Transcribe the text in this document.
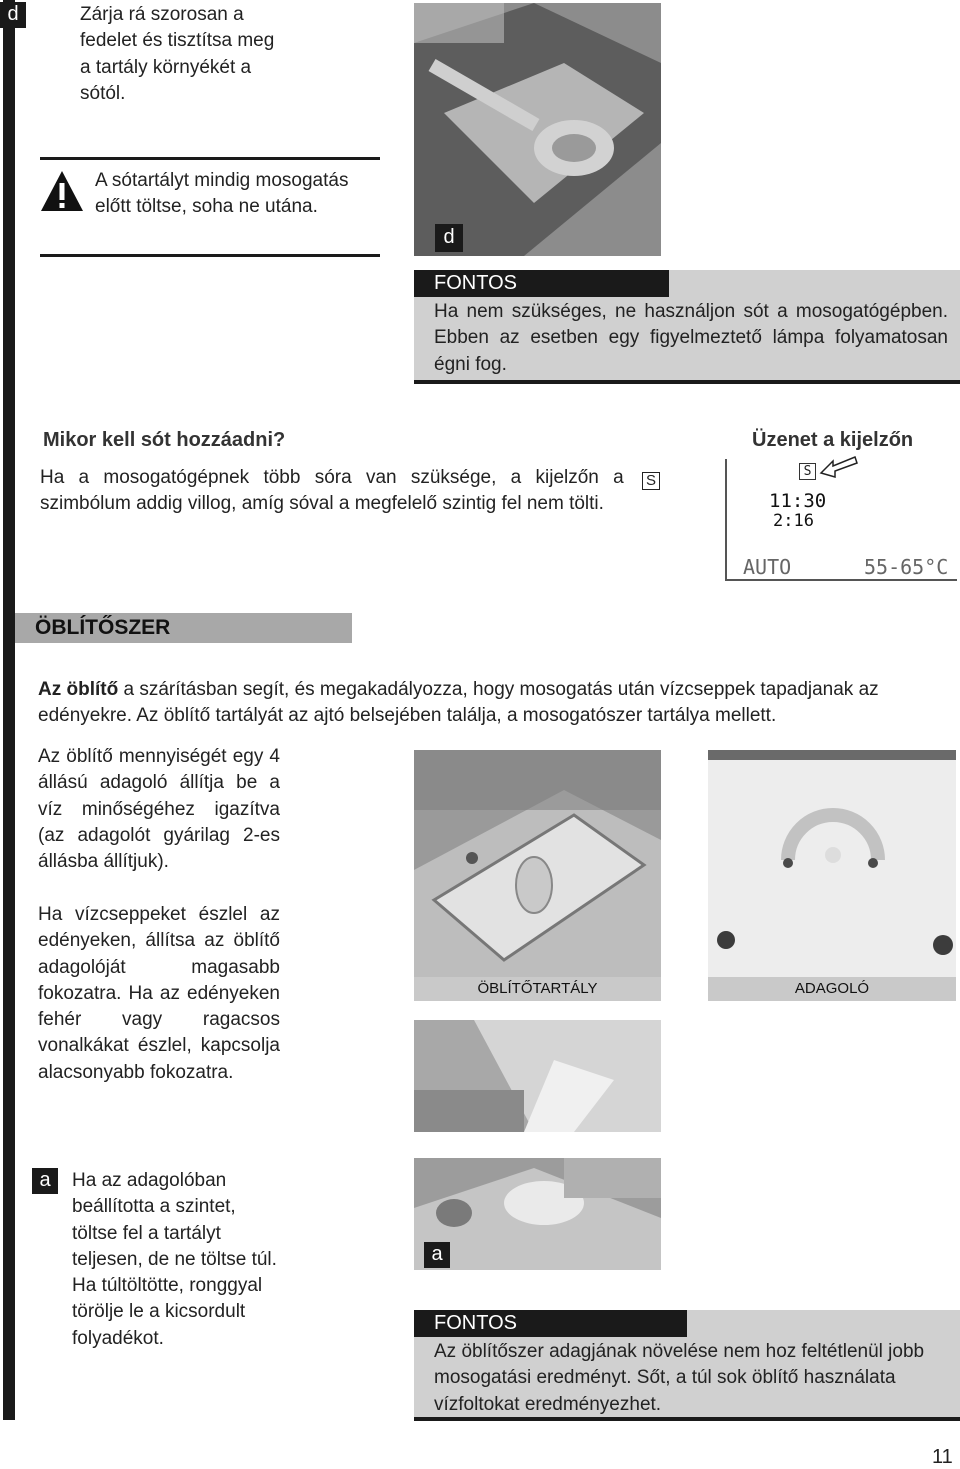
d	Zárja rá szorosan a fedelet és tisztítsa meg a tartály környékét a sótól.
A sótartályt mindig mosogatás előtt töltse, soha ne utána.
d
FONTOS
Ha nem szükséges, ne használjon sót a mosogatógépben. Ebben az esetben egy figyelmeztető lámpa folyamatosan égni fog.
Mikor kell sót hozzáadni?
Ha a mosogatógépnek több sóra van szüksége, a kijelzőn a S szimbólum addig villog, amíg sóval a megfelelő szintig fel nem tölti.
Üzenet a kijelzőn
S
11:30
2:16
AUTO	55-65°C
ÖBLÍTŐSZER
Az öblítő a szárításban segít, és megakadályozza, hogy mosogatás után vízcseppek tapadjanak az edényekre. Az öblítő tartályát az ajtó belsejében találja, a mosogatószer tartálya mellett.
Az öblítő mennyiségét egy 4 állású adagoló állítja be a víz minőségéhez igazítva (az adagolót gyárilag 2-es állásba állítjuk).
Ha vízcseppeket észlel az edényeken, állítsa az öblítő adagolóját magasabb fokozatra. Ha az edényeken fehér vagy ragacsos vonalkákat észlel, kapcsolja alacsonyabb fokozatra.
ÖBLÍTŐTARTÁLY	ADAGOLÓ
a	Ha az adagolóban beállította a szintet, töltse fel a tartályt teljesen, de ne töltse túl. Ha túltöltötte, ronggyal törölje le a kicsordult folyadékot.
a
FONTOS
Az öblítőszer adagjának növelése nem hoz feltétlenül jobb mosogatási eredményt. Sőt, a túl sok öblítő használata vízfoltokat eredményezhet.
11
